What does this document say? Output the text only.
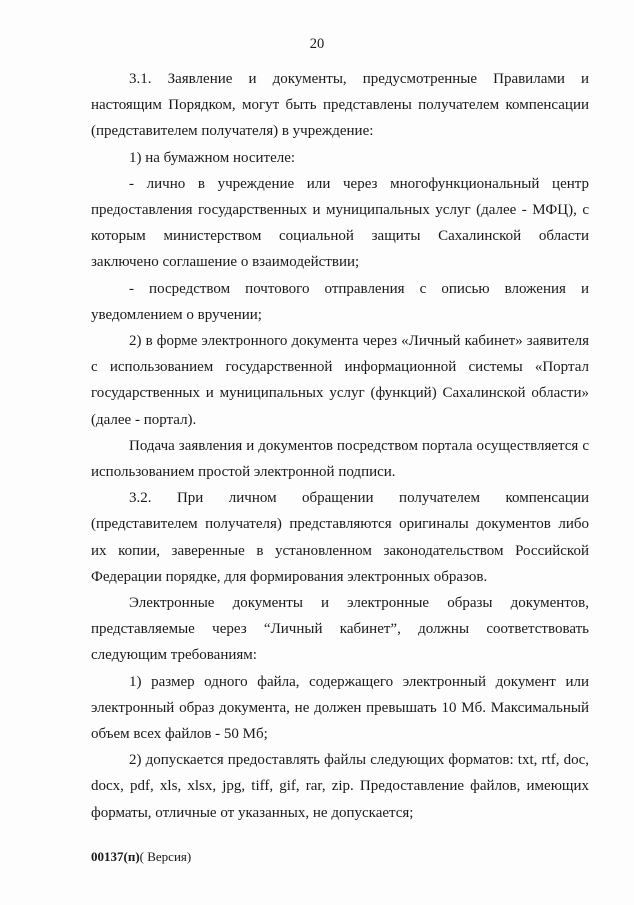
20

3.1. Заявление и документы, предусмотренные Правилами и настоящим Порядком, могут быть представлены получателем компенсации (представителем получателя) в учреждение:

1) на бумажном носителе:

- лично в учреждение или через многофункциональный центр предоставления государственных и муниципальных услуг (далее - МФЦ), с которым министерством социальной защиты Сахалинской области заключено соглашение о взаимодействии;

- посредством почтового отправления с описью вложения и уведомлением о вручении;

2) в форме электронного документа через «Личный кабинет» заявителя с использованием государственной информационной системы «Портал государственных и муниципальных услуг (функций) Сахалинской области» (далее - портал).

Подача заявления и документов посредством портала осуществляется с использованием простой электронной подписи.

3.2. При личном обращении получателем компенсации (представителем получателя) представляются оригиналы документов либо их копии, заверенные в установленном законодательством Российской Федерации порядке, для формирования электронных образов.

Электронные документы и электронные образы документов, представляемые через “Личный кабинет”, должны соответствовать следующим требованиям:

1) размер одного файла, содержащего электронный документ или электронный образ документа, не должен превышать 10 Мб. Максимальный объем всех файлов - 50 Мб;

2) допускается предоставлять файлы следующих форматов: txt, rtf, doc, docx, pdf, xls, xlsx, jpg, tiff, gif, rar, zip. Предоставление файлов, имеющих форматы, отличные от указанных, не допускается;

00137(п)( Версия)
